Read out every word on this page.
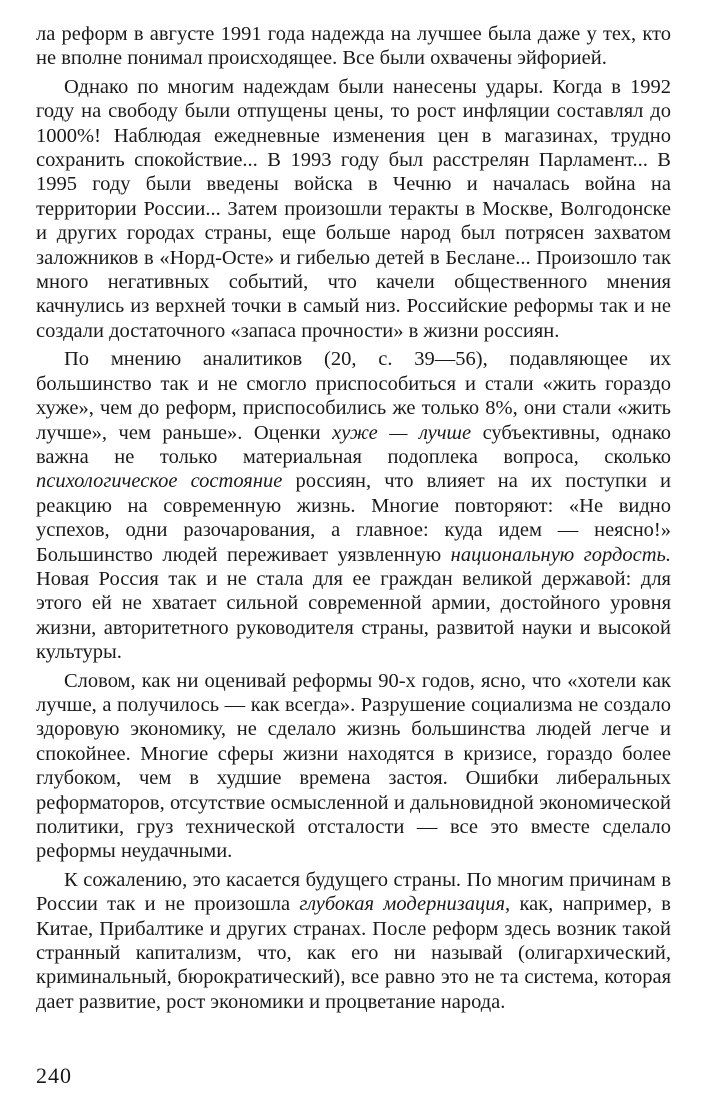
ла реформ в августе 1991 года надежда на лучшее была даже у тех, кто не вполне понимал происходящее. Все были охвачены эйфорией.

Однако по многим надеждам были нанесены удары. Когда в 1992 году на свободу были отпущены цены, то рост инфляции составлял до 1000%! Наблюдая ежедневные изменения цен в магазинах, трудно сохранить спокойствие... В 1993 году был расстрелян Парламент... В 1995 году были введены войска в Чечню и началась война на территории России... Затем произошли теракты в Москве, Волгодонске и других городах страны, еще больше народ был потрясен захватом заложников в «Норд-Осте» и гибелью детей в Беслане... Произошло так много негативных событий, что качели общественного мнения качнулись из верхней точки в самый низ. Российские реформы так и не создали достаточного «запаса прочности» в жизни россиян.

По мнению аналитиков (20, с. 39—56), подавляющее их большинство так и не смогло приспособиться и стали «жить гораздо хуже», чем до реформ, приспособились же только 8%, они стали «жить лучше», чем раньше». Оценки хуже — лучше субъективны, однако важна не только материальная подоплека вопроса, сколько психологическое состояние россиян, что влияет на их поступки и реакцию на современную жизнь. Многие повторяют: «Не видно успехов, одни разочарования, а главное: куда идем — неясно!» Большинство людей переживает уязвленную национальную гордость. Новая Россия так и не стала для ее граждан великой державой: для этого ей не хватает сильной современной армии, достойного уровня жизни, авторитетного руководителя страны, развитой науки и высокой культуры.

Словом, как ни оценивай реформы 90-х годов, ясно, что «хотели как лучше, а получилось — как всегда». Разрушение социализма не создало здоровую экономику, не сделало жизнь большинства людей легче и спокойнее. Многие сферы жизни находятся в кризисе, гораздо более глубоком, чем в худшие времена застоя. Ошибки либеральных реформаторов, отсутствие осмысленной и дальновидной экономической политики, груз технической отсталости — все это вместе сделало реформы неудачными.

К сожалению, это касается будущего страны. По многим причинам в России так и не произошла глубокая модернизация, как, например, в Китае, Прибалтике и других странах. После реформ здесь возник такой странный капитализм, что, как его ни называй (олигархический, криминальный, бюрократический), все равно это не та система, которая дает развитие, рост экономики и процветание народа.

240
